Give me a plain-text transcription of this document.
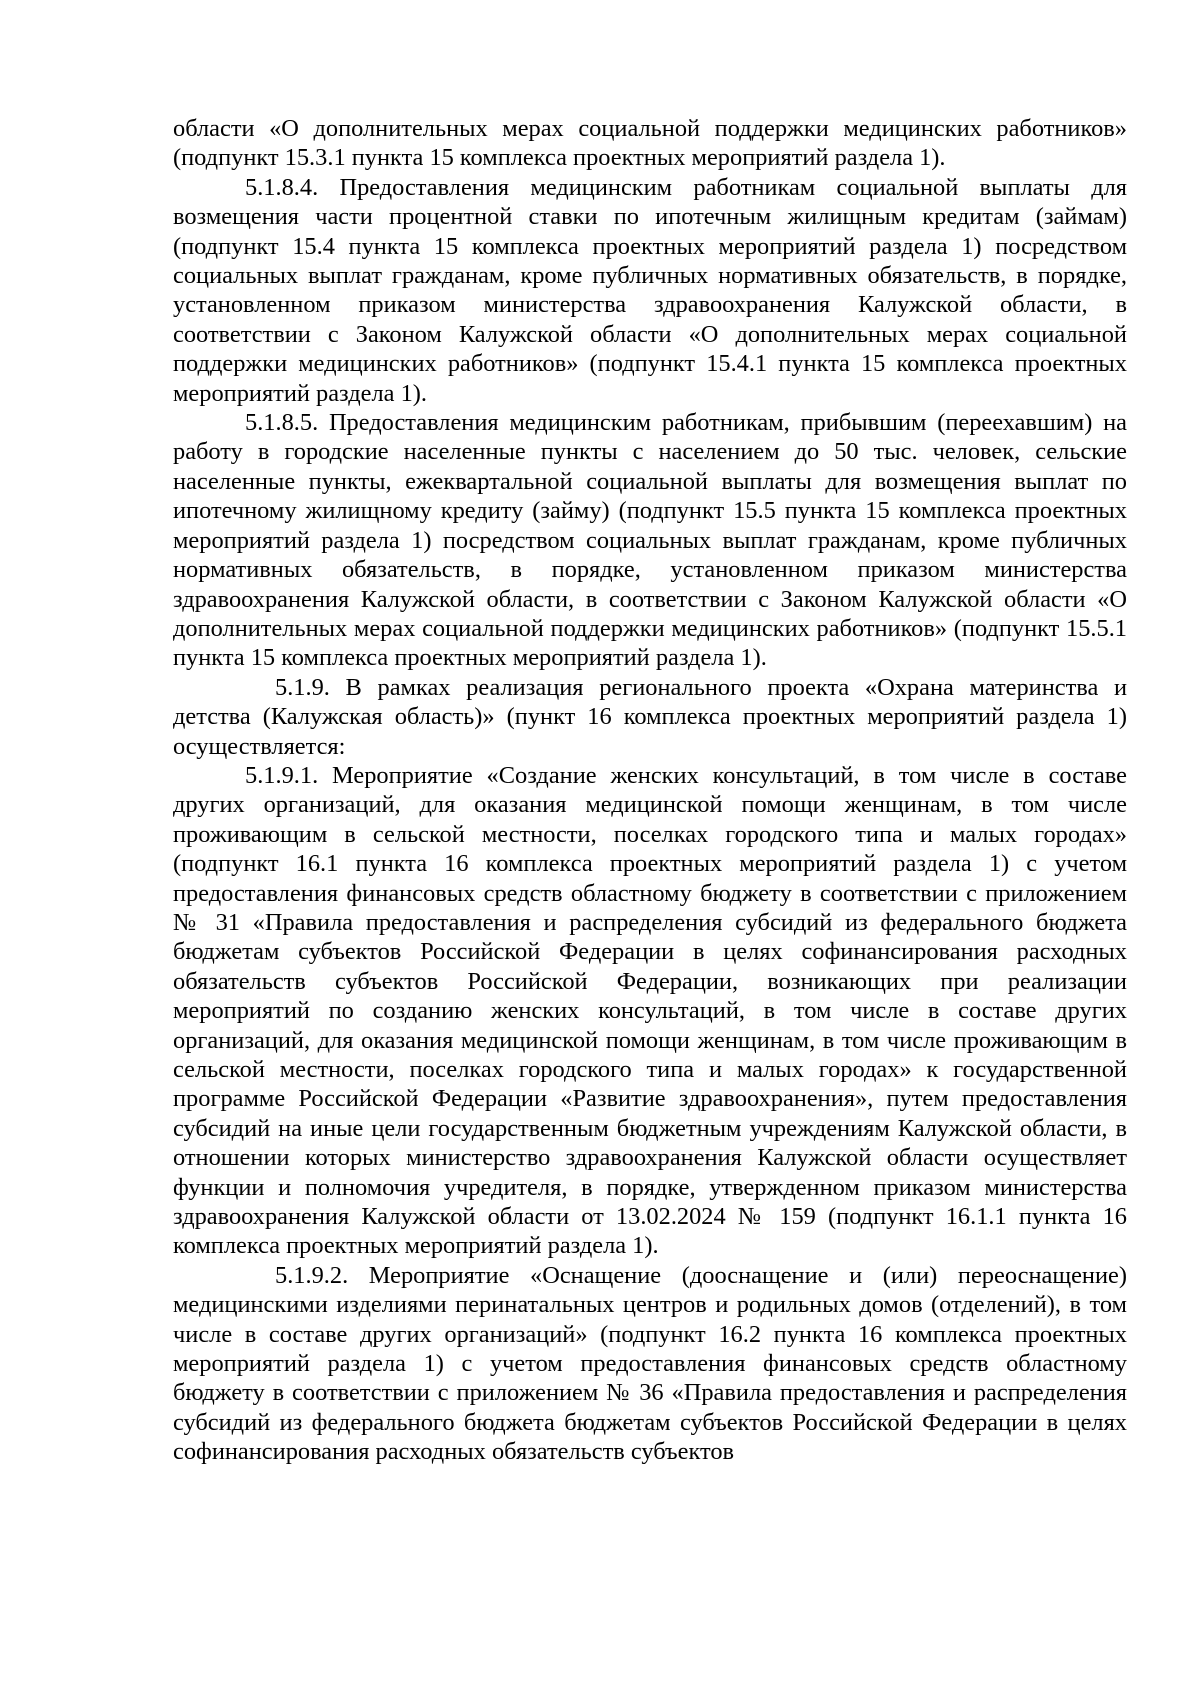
области «О дополнительных мерах социальной поддержки медицинских работников» (подпункт 15.3.1 пункта 15 комплекса проектных мероприятий раздела 1).

5.1.8.4. Предоставления медицинским работникам социальной выплаты для возмещения части процентной ставки по ипотечным жилищным кредитам (займам) (подпункт 15.4 пункта 15 комплекса проектных мероприятий раздела 1) посредством социальных выплат гражданам, кроме публичных нормативных обязательств, в порядке, установленном приказом министерства здравоохранения Калужской области, в соответствии с Законом Калужской области «О дополнительных мерах социальной поддержки медицинских работников» (подпункт 15.4.1 пункта 15 комплекса проектных мероприятий раздела 1).

5.1.8.5. Предоставления медицинским работникам, прибывшим (переехавшим) на работу в городские населенные пункты с населением до 50 тыс. человек, сельские населенные пункты, ежеквартальной социальной выплаты для возмещения выплат по ипотечному жилищному кредиту (займу) (подпункт 15.5 пункта 15 комплекса проектных мероприятий раздела 1) посредством социальных выплат гражданам, кроме публичных нормативных обязательств, в порядке, установленном приказом министерства здравоохранения Калужской области, в соответствии с Законом Калужской области «О дополнительных мерах социальной поддержки медицинских работников» (подпункт 15.5.1 пункта 15 комплекса проектных мероприятий раздела 1).

5.1.9. В рамках реализация регионального проекта «Охрана материнства и детства (Калужская область)» (пункт 16 комплекса проектных мероприятий раздела 1) осуществляется:

5.1.9.1. Мероприятие «Создание женских консультаций, в том числе в составе других организаций, для оказания медицинской помощи женщинам, в том числе проживающим в сельской местности, поселках городского типа и малых городах» (подпункт 16.1 пункта 16 комплекса проектных мероприятий раздела 1) с учетом предоставления финансовых средств областному бюджету в соответствии с приложением № 31 «Правила предоставления и распределения субсидий из федерального бюджета бюджетам субъектов Российской Федерации в целях софинансирования расходных обязательств субъектов Российской Федерации, возникающих при реализации мероприятий по созданию женских консультаций, в том числе в составе других организаций, для оказания медицинской помощи женщинам, в том числе проживающим в сельской местности, поселках городского типа и малых городах» к государственной программе Российской Федерации «Развитие здравоохранения», путем предоставления субсидий на иные цели государственным бюджетным учреждениям Калужской области, в отношении которых министерство здравоохранения Калужской области осуществляет функции и полномочия учредителя, в порядке, утвержденном приказом министерства здравоохранения Калужской области от 13.02.2024 № 159 (подпункт 16.1.1 пункта 16 комплекса проектных мероприятий раздела 1).

5.1.9.2. Мероприятие «Оснащение (дооснащение и (или) переоснащение) медицинскими изделиями перинатальных центров и родильных домов (отделений), в том числе в составе других организаций» (подпункт 16.2 пункта 16 комплекса проектных мероприятий раздела 1) с учетом предоставления финансовых средств областному бюджету в соответствии с приложением № 36 «Правила предоставления и распределения субсидий из федерального бюджета бюджетам субъектов Российской Федерации в целях софинансирования расходных обязательств субъектов
